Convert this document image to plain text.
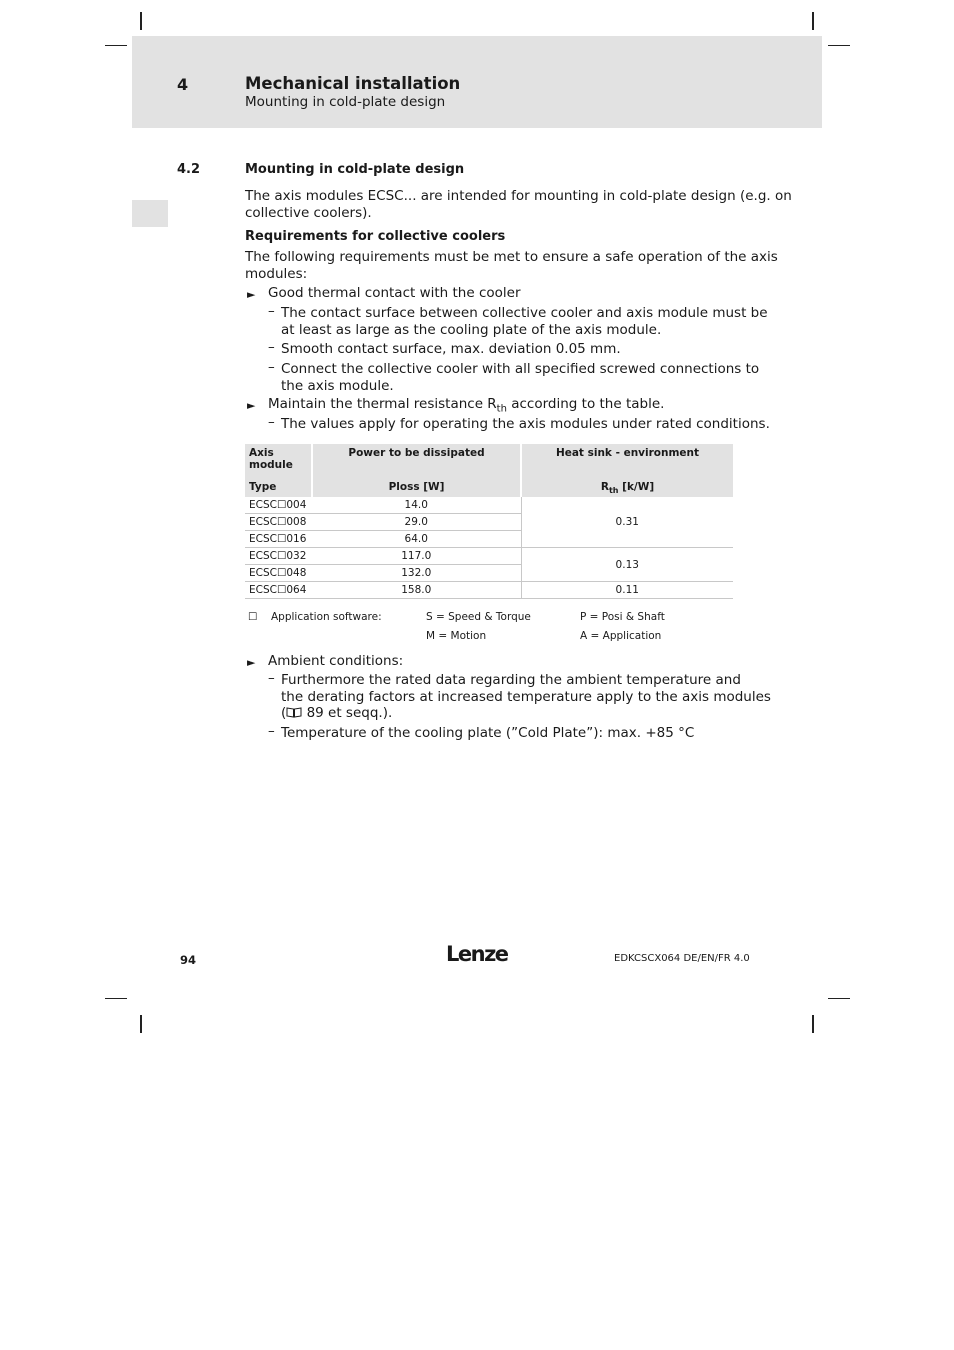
4	Mechanical installation
Mounting in cold-plate design
4.2	Mounting in cold-plate design
The axis modules ECSC... are intended for mounting in cold-plate design (e.g. on
collective coolers).
Requirements for collective coolers
The following requirements must be met to ensure a safe operation of the axis
modules:
► Good thermal contact with the cooler
– The contact surface between collective cooler and axis module must be
at least as large as the cooling plate of the axis module.
– Smooth contact surface, max. deviation 0.05 mm.
– Connect the collective cooler with all specified screwed connections to
the axis module.
► Maintain the thermal resistance $R_{th}$ according to the table.
– The values apply for operating the axis modules under rated conditions.
Axis module	Power to be dissipated	Heat sink - environment
Type	Ploss [W]	$R_{th}$ [k/W]
ECSC☐004	14.0	0.31
ECSC☐008	29.0	
ECSC☐016	64.0	
ECSC☐032	117.0	0.13
ECSC☐048	132.0	
ECSC☐064	158.0	0.11
☐ Application software:	S = Speed & Torque	P = Posi & Shaft
M = Motion	A = Application
► Ambient conditions:
– Furthermore the rated data regarding the ambient temperature and
the derating factors at increased temperature apply to the axis modules
( 89 et seqq.).
– Temperature of the cooling plate (”Cold Plate”): max. +85 °C
94	Lenze	EDKCSCX064 DE/EN/FR 4.0
